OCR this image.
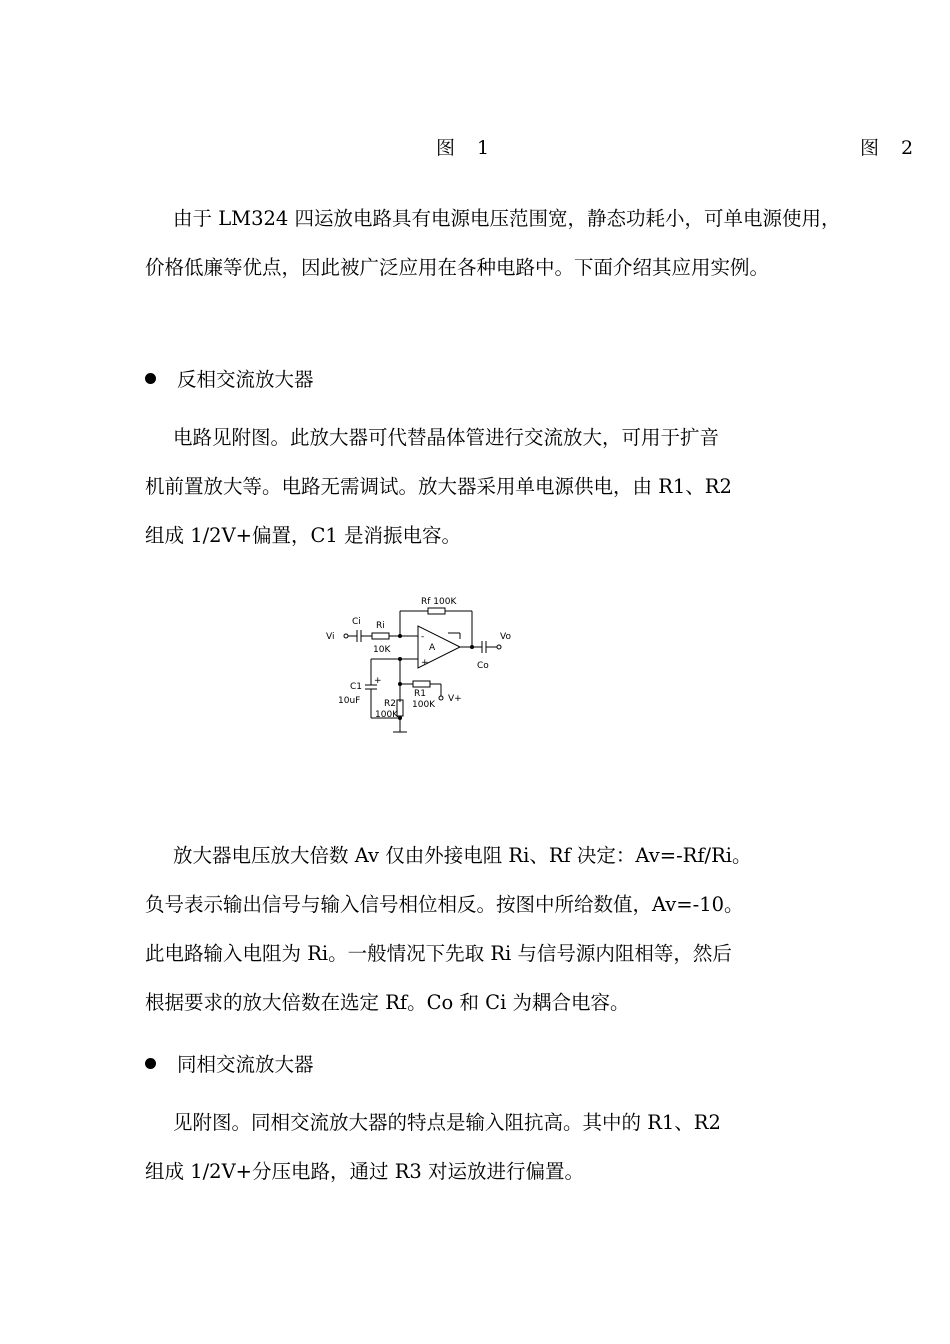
图 1	图 2

由于 LM324 四运放电路具有电源电压范围宽，静态功耗小，可单电源使用，
价格低廉等优点，因此被广泛应用在各种电路中。下面介绍其应用实例。

反相交流放大器

电路见附图。此放大器可代替晶体管进行交流放大，可用于扩音
机前置放大等。电路无需调试。放大器采用单电源供电，由 R1、R2
组成 1/2V+偏置，C1 是消振电容。

Rf 100K
Ci Ri
Vi
10K
Vo
Co
A
-
+
C1
+
10uF
R1
100K
R2
100K
V+

放大器电压放大倍数 Av 仅由外接电阻 Ri、Rf 决定：Av=-Rf/Ri。
负号表示输出信号与输入信号相位相反。按图中所给数值，Av=-10。
此电路输入电阻为 Ri。一般情况下先取 Ri 与信号源内阻相等，然后
根据要求的放大倍数在选定 Rf。Co 和 Ci 为耦合电容。

同相交流放大器

见附图。同相交流放大器的特点是输入阻抗高。其中的 R1、R2
组成 1/2V+分压电路，通过 R3 对运放进行偏置。
